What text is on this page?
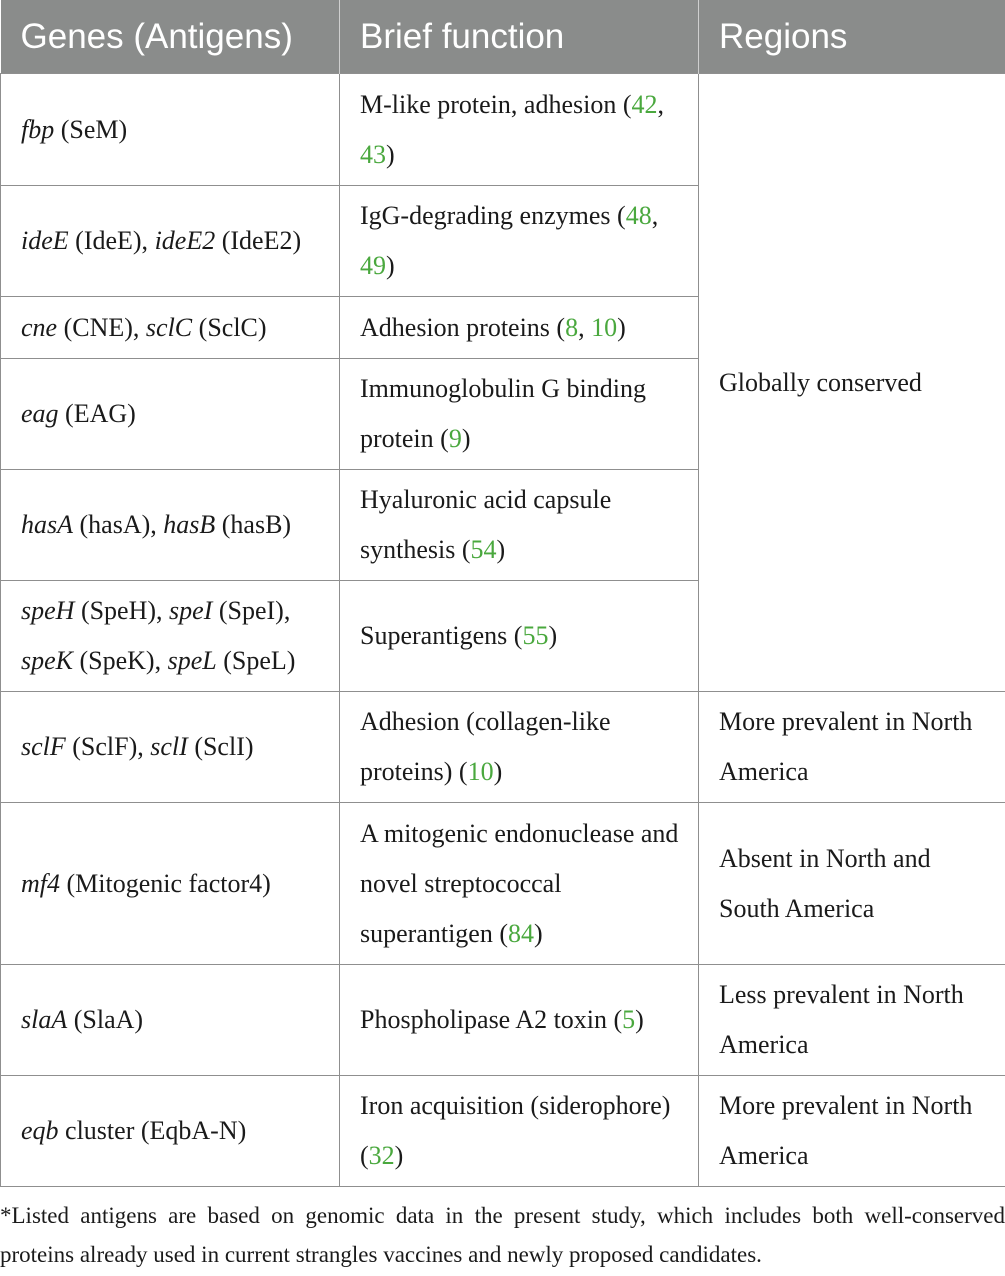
Genes (Antigens)	Brief function	Regions
fbp (SeM)	M-like protein, adhesion (42, 43)	Globally conserved
ideE (IdeE), ideE2 (IdeE2)	IgG-degrading enzymes (48, 49)	
cne (CNE), sclC (SclC)	Adhesion proteins (8, 10)	
eag (EAG)	Immunoglobulin G binding protein (9)	
hasA (hasA), hasB (hasB)	Hyaluronic acid capsule synthesis (54)	
speH (SpeH), speI (SpeI), speK (SpeK), speL (SpeL)	Superantigens (55)	
sclF (SclF), sclI (SclI)	Adhesion (collagen-like proteins) (10)	More prevalent in North America
mf4 (Mitogenic factor4)	A mitogenic endonuclease and novel streptococcal superantigen (84)	Absent in North and South America
slaA (SlaA)	Phospholipase A2 toxin (5)	Less prevalent in North America
eqb cluster (EqbA-N)	Iron acquisition (siderophore) (32)	More prevalent in North America
*Listed antigens are based on genomic data in the present study, which includes both well-conserved proteins already used in current strangles vaccines and newly proposed candidates.
